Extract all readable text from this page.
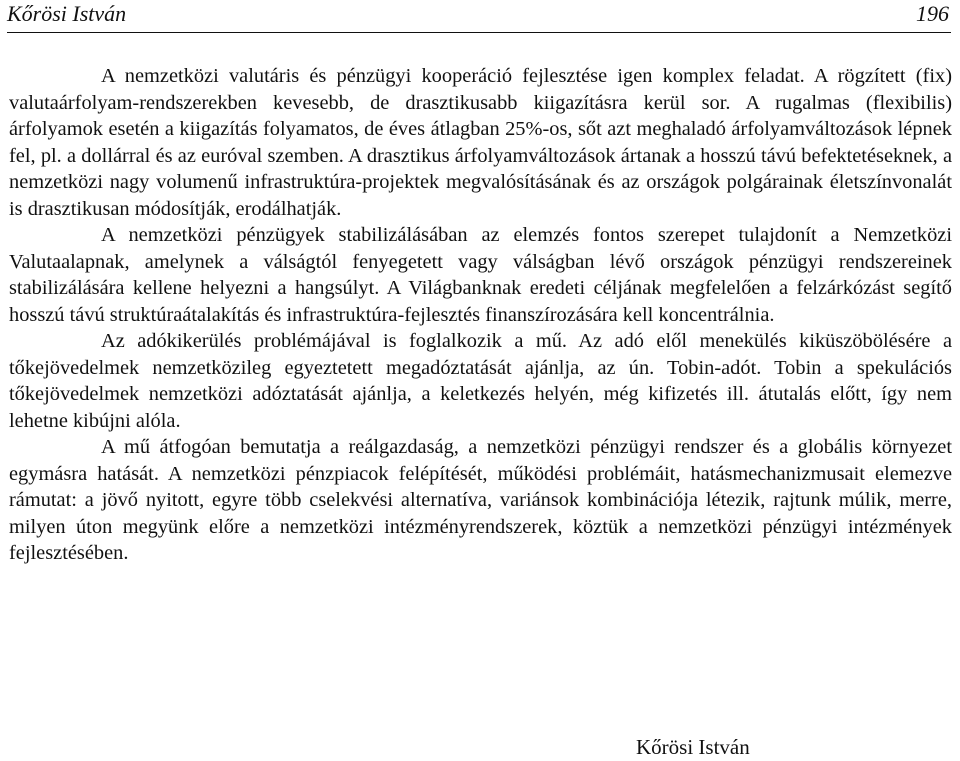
Kőrösi István	196

A nemzetközi valutáris és pénzügyi kooperáció fejlesztése igen komplex feladat. A rögzített (fix) valutaárfolyam-rendszerekben kevesebb, de drasztikusabb kiigazításra kerül sor. A rugalmas (flexibilis) árfolyamok esetén a kiigazítás folyamatos, de éves átlagban 25%-os, sőt azt meghaladó árfolyamváltozások lépnek fel, pl. a dollárral és az euróval szemben. A drasztikus árfolyamváltozások ártanak a hosszú távú befektetéseknek, a nemzetközi nagy volumenű infrastruktúra-projektek megvalósításának és az országok polgárainak életszínvonalát is drasztikusan módosítják, erodálhatják.

A nemzetközi pénzügyek stabilizálásában az elemzés fontos szerepet tulajdonít a Nemzetközi Valutaalapnak, amelynek a válságtól fenyegetett vagy válságban lévő országok pénzügyi rendszereinek stabilizálására kellene helyezni a hangsúlyt. A Világbanknak eredeti céljának megfelelően a felzárkózást segítő hosszú távú struktúraátalakítás és infrastruktúra-fejlesztés finanszírozására kell koncentrálnia.

Az adókikerülés problémájával is foglalkozik a mű. Az adó elől menekülés kiküszöbölésére a tőkejövedelmek nemzetközileg egyeztetett megadóztatását ajánlja, az ún. Tobin-adót. Tobin a spekulációs tőkejövedelmek nemzetközi adóztatását ajánlja, a keletkezés helyén, még kifizetés ill. átutalás előtt, így nem lehetne kibújni alóla.

A mű átfogóan bemutatja a reálgazdaság, a nemzetközi pénzügyi rendszer és a globális környezet egymásra hatását. A nemzetközi pénzpiacok felépítését, működési problémáit, hatásmechanizmusait elemezve rámutat: a jövő nyitott, egyre több cselekvési alternatíva, variánsok kombinációja létezik, rajtunk múlik, merre, milyen úton megyünk előre a nemzetközi intézményrendszerek, köztük a nemzetközi pénzügyi intézmények fejlesztésében.

Kőrösi István
